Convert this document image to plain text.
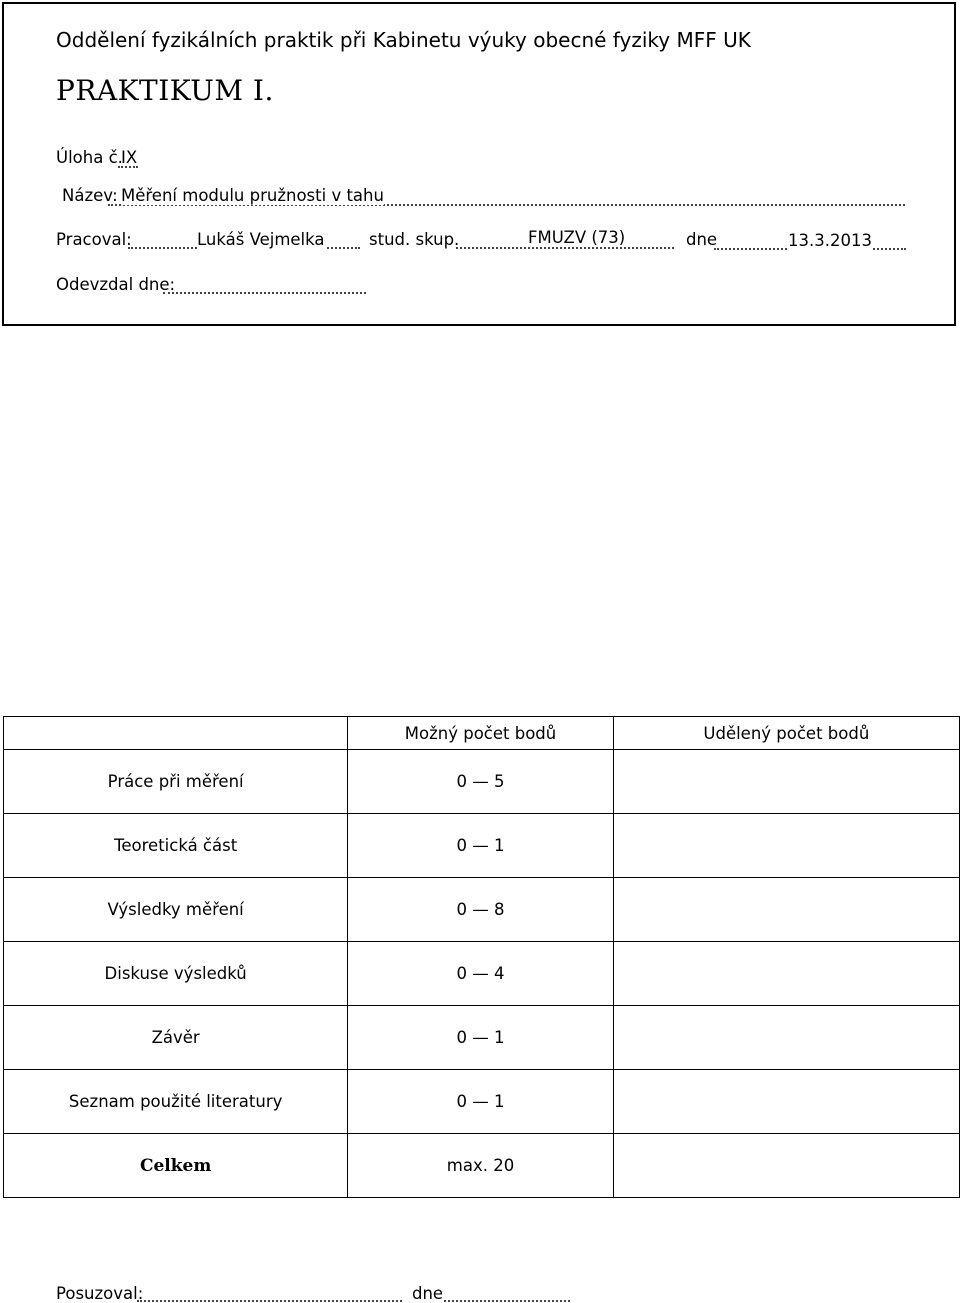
Oddělení fyzikálních praktik při Kabinetu výuky obecné fyziky MFF UK
PRAKTIKUM I.
Úloha č.
IX
Název: Měření modulu pružnosti v tahu
Pracoval:	Lukáš Vejmelka	stud. skup.	FMUZV (73)	dne	13.3.2013
Odevzdal dne:
	Možný počet bodů	Udělený počet bodů
Práce při měření	0 — 5	
Teoretická část	0 — 1	
Výsledky měření	0 — 8	
Diskuse výsledků	0 — 4	
Závěr	0 — 1	
Seznam použité literatury	0 — 1	
Celkem	max. 20	
Posuzoval:	dne
